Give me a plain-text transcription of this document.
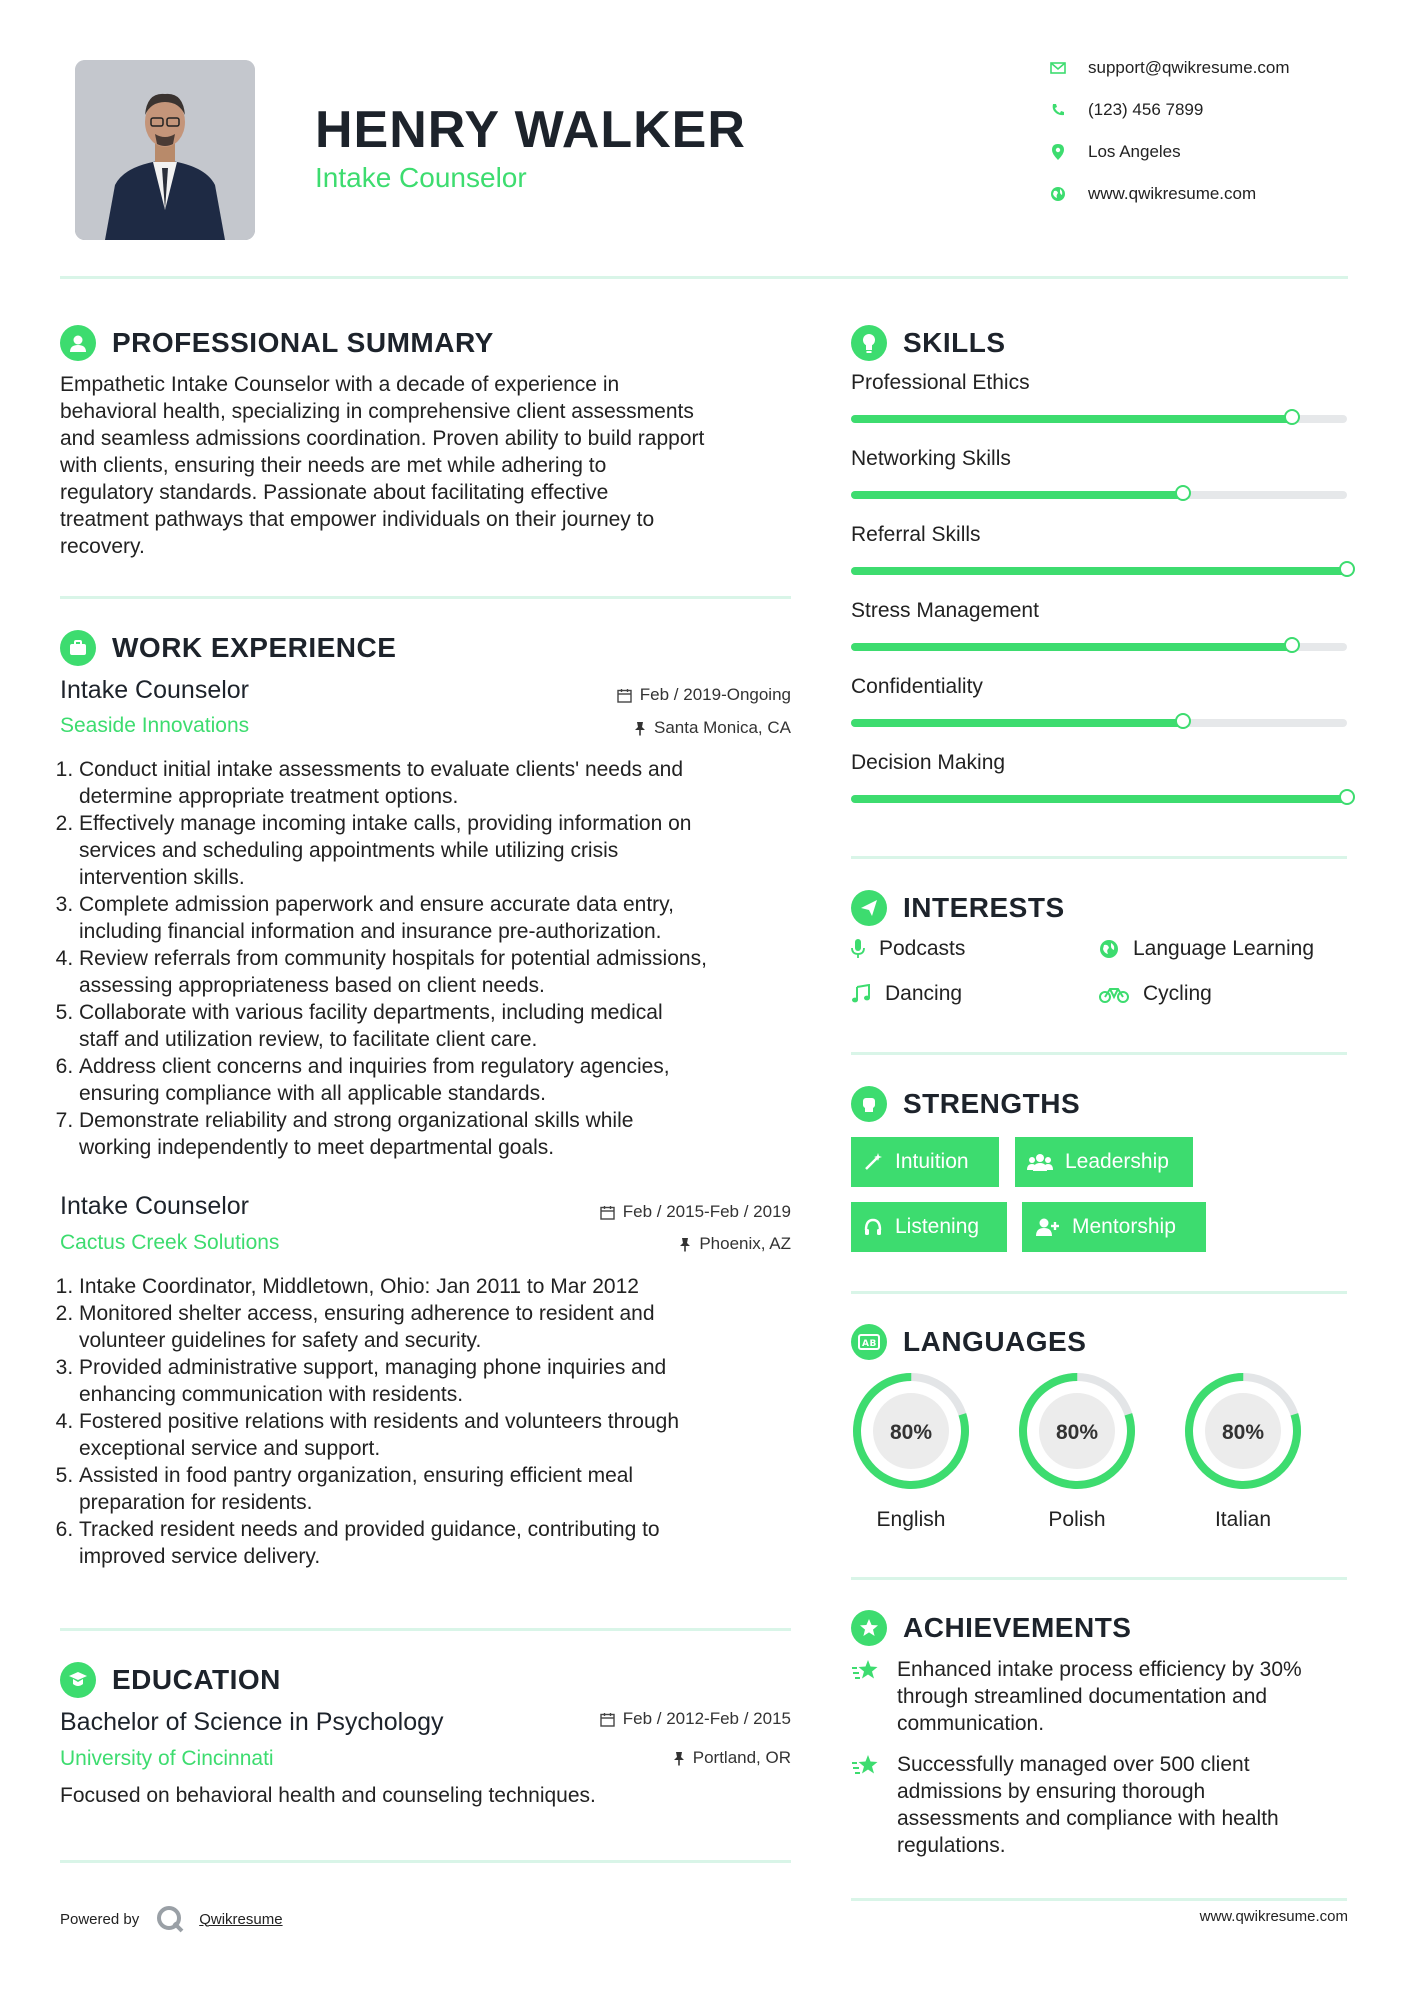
HENRY WALKER
Intake Counselor
support@qwikresume.com
(123) 456 7899
Los Angeles
www.qwikresume.com
PROFESSIONAL SUMMARY
Empathetic Intake Counselor with a decade of experience in
behavioral health, specializing in comprehensive client assessments
and seamless admissions coordination. Proven ability to build rapport
with clients, ensuring their needs are met while adhering to
regulatory standards. Passionate about facilitating effective
treatment pathways that empower individuals on their journey to
recovery.
WORK EXPERIENCE
Intake Counselor
Seaside Innovations
Feb / 2019-Ongoing
Santa Monica, CA
1. Conduct initial intake assessments to evaluate clients' needs and
determine appropriate treatment options.
2. Effectively manage incoming intake calls, providing information on
services and scheduling appointments while utilizing crisis
intervention skills.
3. Complete admission paperwork and ensure accurate data entry,
including financial information and insurance pre-authorization.
4. Review referrals from community hospitals for potential admissions,
assessing appropriateness based on client needs.
5. Collaborate with various facility departments, including medical
staff and utilization review, to facilitate client care.
6. Address client concerns and inquiries from regulatory agencies,
ensuring compliance with all applicable standards.
7. Demonstrate reliability and strong organizational skills while
working independently to meet departmental goals.
Intake Counselor
Cactus Creek Solutions
Feb / 2015-Feb / 2019
Phoenix, AZ
1. Intake Coordinator, Middletown, Ohio: Jan 2011 to Mar 2012
2. Monitored shelter access, ensuring adherence to resident and
volunteer guidelines for safety and security.
3. Provided administrative support, managing phone inquiries and
enhancing communication with residents.
4. Fostered positive relations with residents and volunteers through
exceptional service and support.
5. Assisted in food pantry organization, ensuring efficient meal
preparation for residents.
6. Tracked resident needs and provided guidance, contributing to
improved service delivery.
EDUCATION
Bachelor of Science in Psychology
University of Cincinnati
Feb / 2012-Feb / 2015
Portland, OR
Focused on behavioral health and counseling techniques.
SKILLS
Professional Ethics
Networking Skills
Referral Skills
Stress Management
Confidentiality
Decision Making
INTERESTS
Podcasts	Language Learning
Dancing	Cycling
STRENGTHS
Intuition	Leadership
Listening	Mentorship
AB LANGUAGES
80%
English
80%
Polish
80%
Italian
ACHIEVEMENTS
Enhanced intake process efficiency by 30%
through streamlined documentation and
communication.
Successfully managed over 500 client
admissions by ensuring thorough
assessments and compliance with health
regulations.
Powered by	Qwikresume	www.qwikresume.com
